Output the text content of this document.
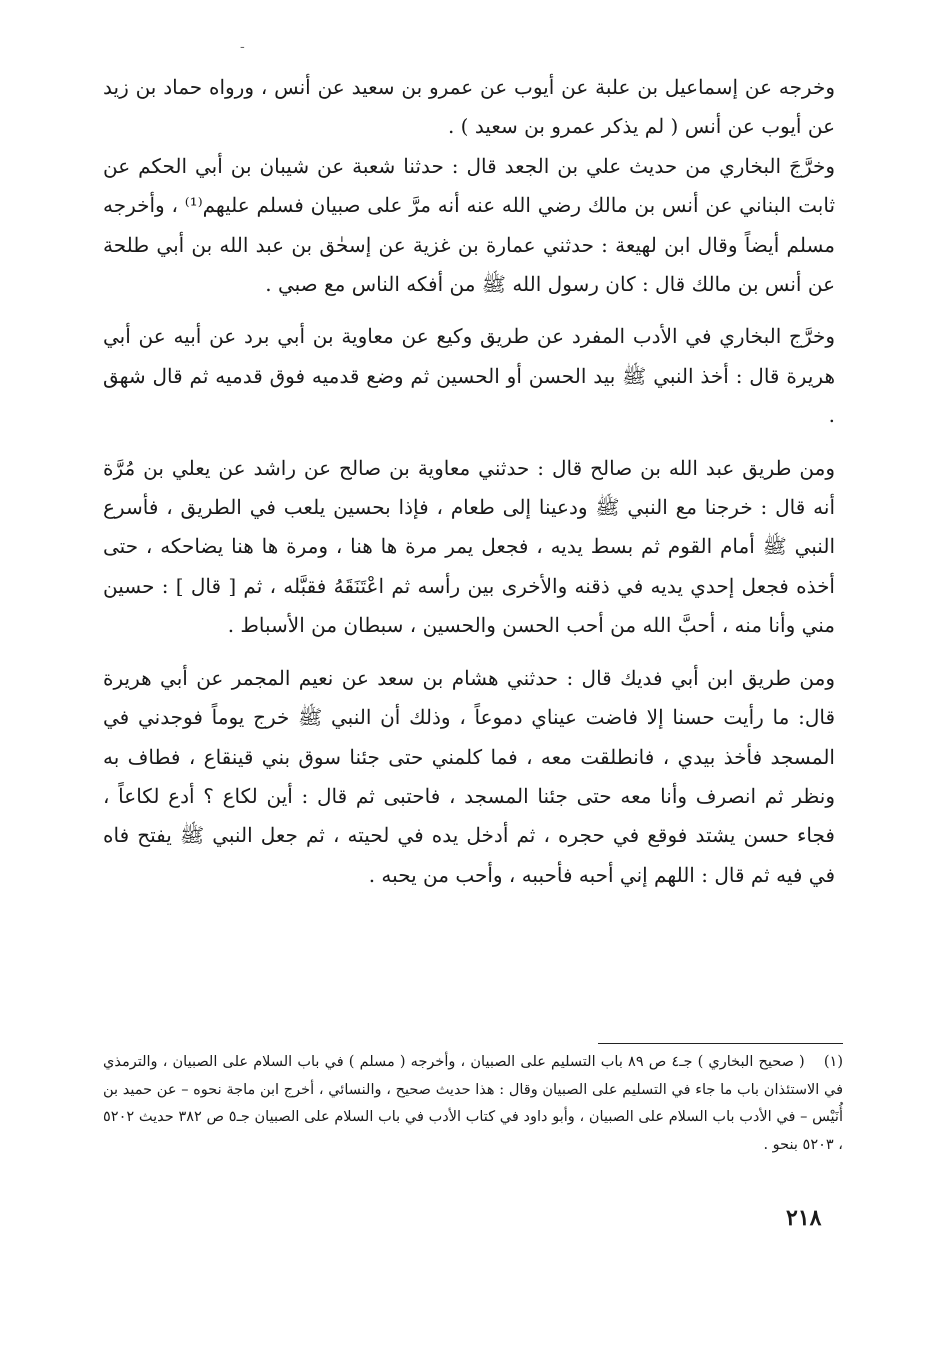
-

وخرجه عن إسماعيل بن علبة عن أيوب عن عمرو بن سعيد عن أنس ، ورواه حماد بن زيد عن أيوب عن أنس ( لم يذكر عمرو بن سعيد ) .

وخرَّجَ البخاري من حديث علي بن الجعد قال : حدثنا شعبة عن شيبان بن أبي الحكم عن ثابت البناني عن أنس بن مالك رضي الله عنه أنه مرَّ على صبيان فسلم عليهم⁽¹⁾ ، وأخرجه مسلم أيضاً وقال ابن لهيعة : حدثني عمارة بن غزية عن إسحٰق بن عبد الله بن أبي طلحة عن أنس بن مالك قال : كان رسول الله ﷺ من أفكه الناس مع صبي .

وخرَّج البخاري في الأدب المفرد عن طريق وكيع عن معاوية بن أبي برد عن أبيه عن أبي هريرة قال : أخذ النبي ﷺ بيد الحسن أو الحسين ثم وضع قدميه فوق قدميه ثم قال شهق .

ومن طريق عبد الله بن صالح قال : حدثني معاوية بن صالح عن راشد عن يعلي بن مُرَّة أنه قال : خرجنا مع النبي ﷺ ودعينا إلى طعام ، فإذا بحسين يلعب في الطريق ، فأسرع النبي ﷺ أمام القوم ثم بسط يديه ، فجعل يمر مرة ها هنا ، ومرة ها هنا يضاحكه ، حتى أخذه فجعل إحدي يديه في ذقنه والأخرى بين رأسه ثم اعْتَنَقَهُ فقبَّله ، ثم [ قال ] : حسين مني وأنا منه ، أحبَّ الله من أحب الحسن والحسين ، سبطان من الأسباط .

ومن طريق ابن أبي فديك قال : حدثني هشام بن سعد عن نعيم المجمر عن أبي هريرة قال: ما رأيت حسنا إلا فاضت عيناي دموعاً ، وذلك أن النبي ﷺ خرج يوماً فوجدني في المسجد فأخذ بيدي ، فانطلقت معه ، فما كلمني حتى جئنا سوق بني قينقاع ، فطاف به ونظر ثم انصرف وأنا معه حتى جئنا المسجد ، فاحتبى ثم قال : أين لكاع ؟ أدع لكاعاً ، فجاء حسن يشتد فوقع في حجره ، ثم أدخل يده في لحيته ، ثم جعل النبي ﷺ يفتح فاه في فيه ثم قال : اللهم إني أحبه فأحببه ، وأحب من يحبه .

(١) ( صحيح البخاري ) جـ٤ ص ٨٩ باب التسليم على الصبيان ، وأخرجه ( مسلم ) في باب السلام على الصبيان ، والترمذي في الاستئذان باب ما جاء في التسليم على الصبيان وقال : هذا حديث صحيح ، والنسائي ، أخرج ابن ماجة نحوه – عن حميد بن أُنَيْس – في الأدب باب السلام على الصبيان ، وأبو داود في كتاب الأدب في باب السلام على الصبيان جـ٥ ص ٣٨٢ حديث ٥٢٠٢ ، ٥٢٠٣ بنحو .

٢١٨
